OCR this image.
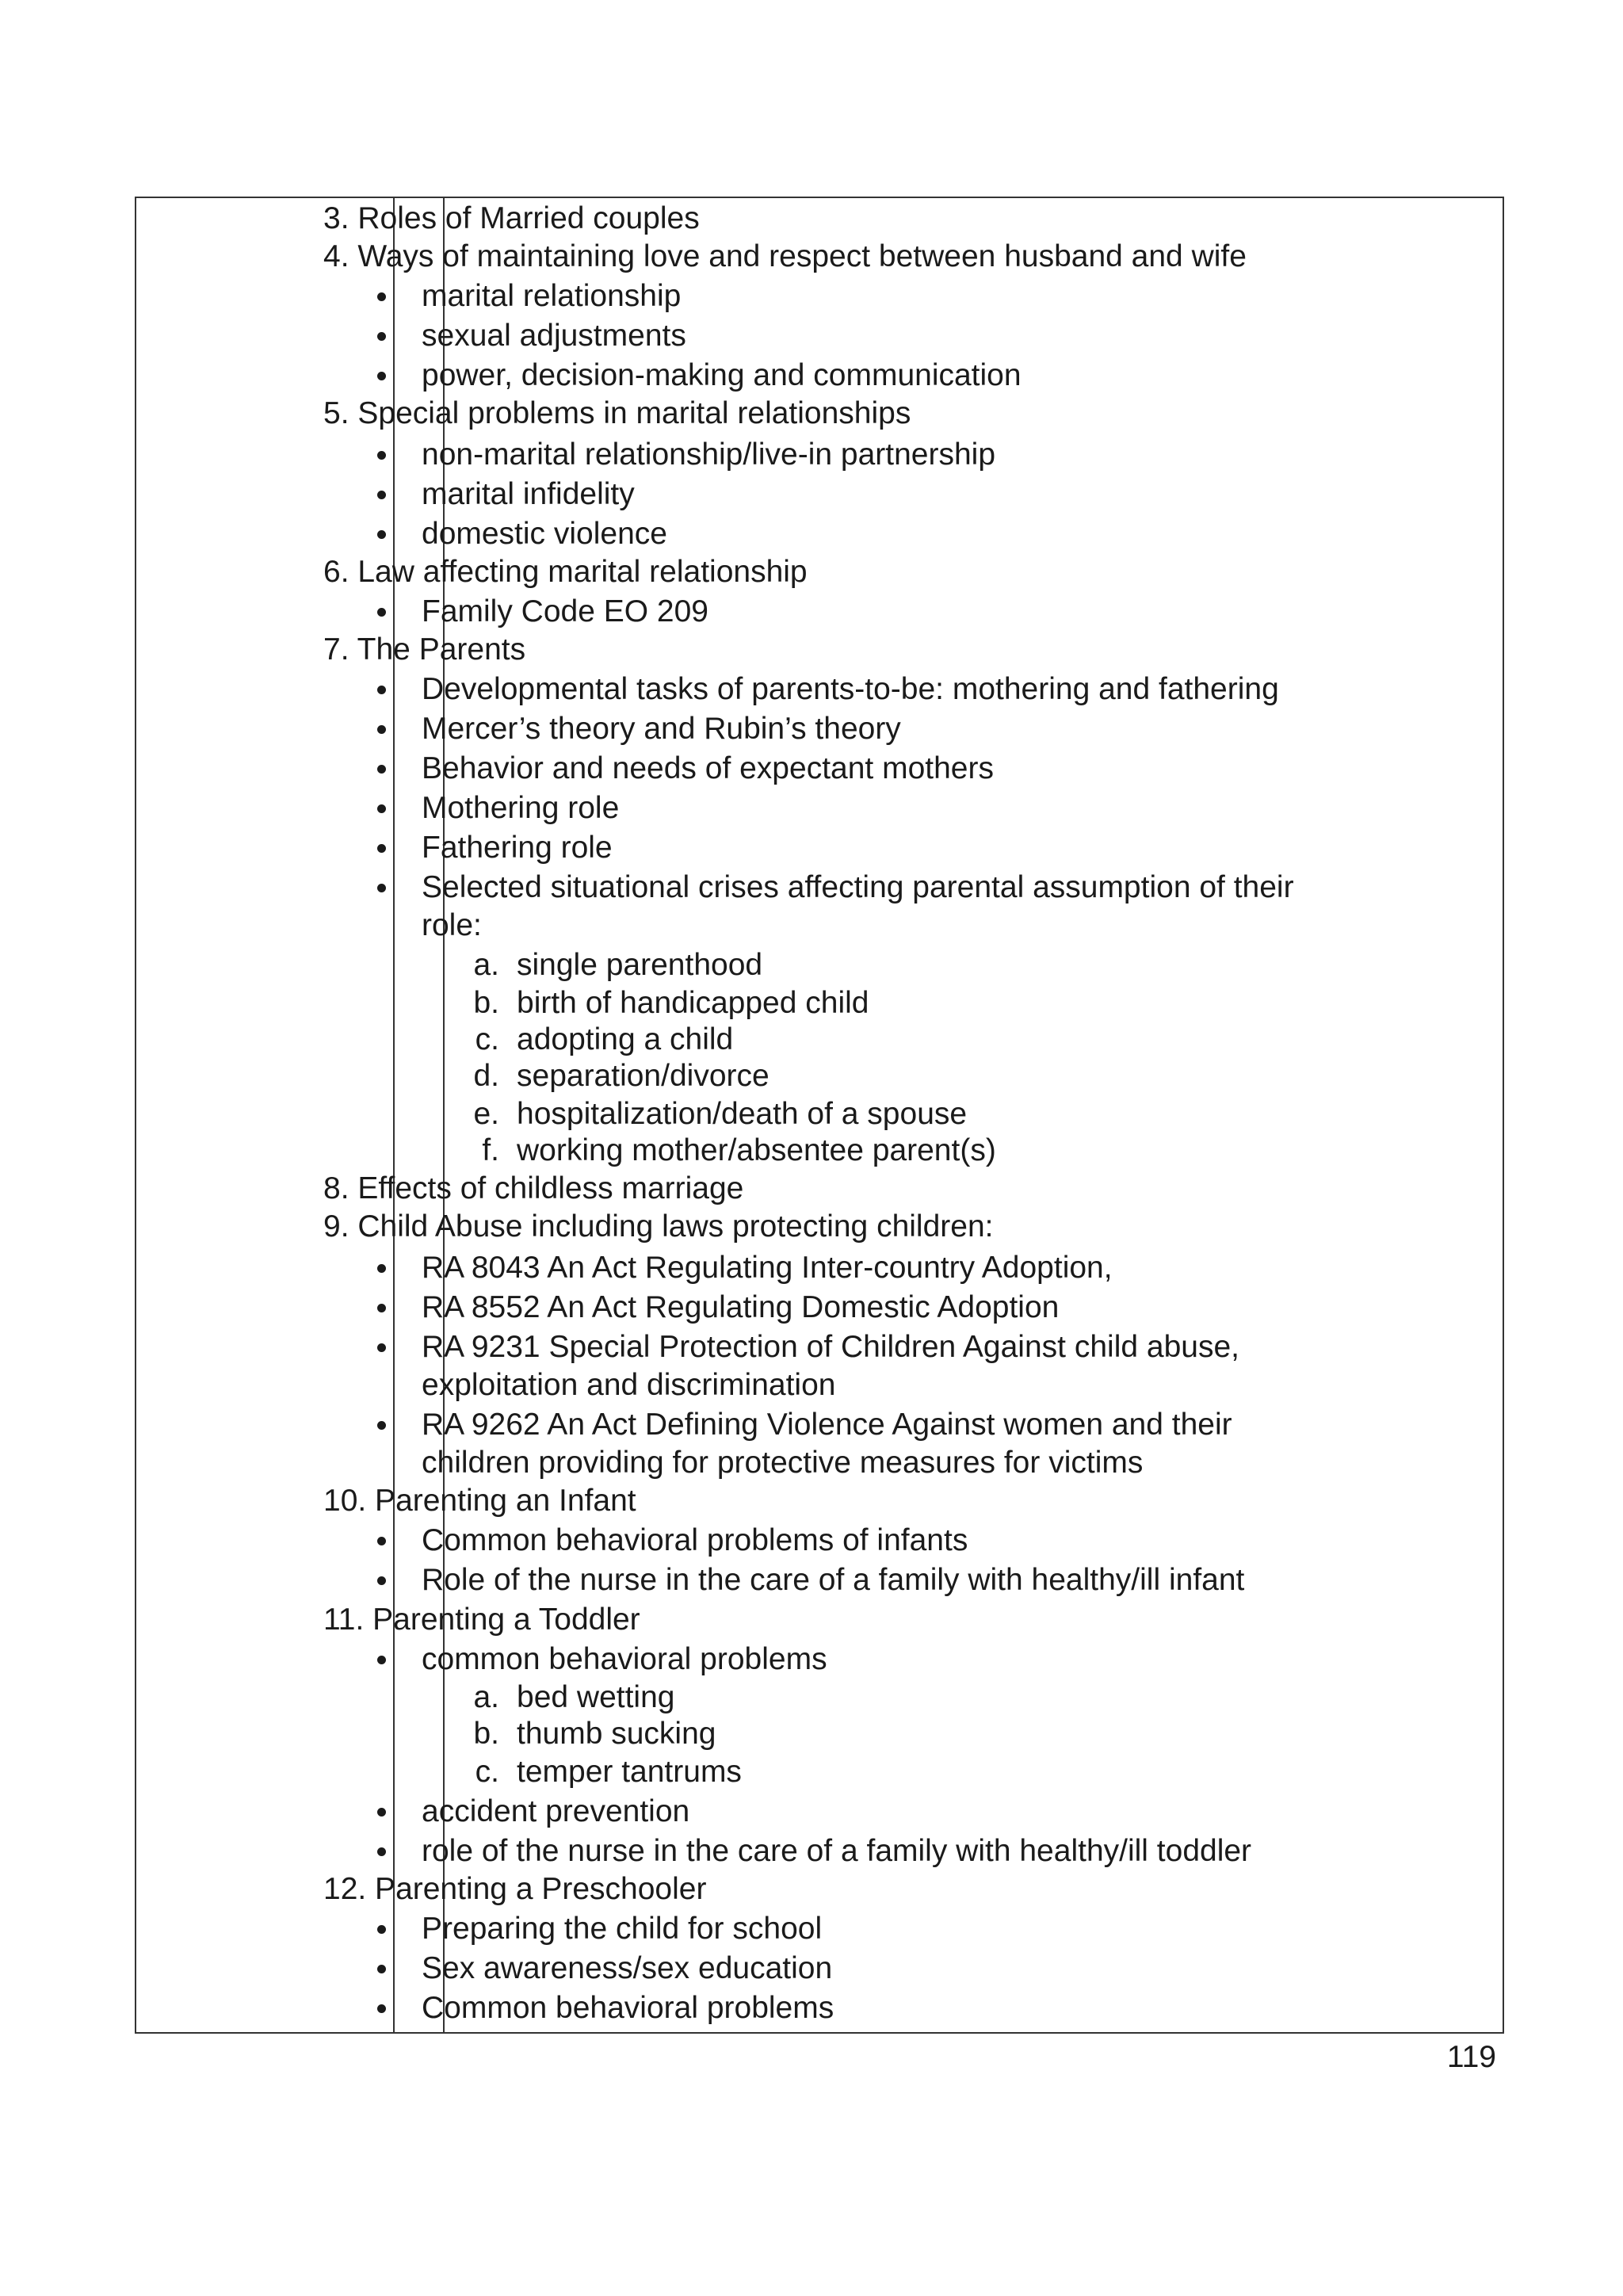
3. Roles of Married couples
4. Ways of maintaining love and respect between husband and wife
marital relationship
sexual adjustments
power, decision-making and communication
5. Special problems in marital relationships
non-marital relationship/live-in partnership
marital infidelity
domestic violence
6. Law affecting marital relationship
Family Code EO 209
7. The Parents
Developmental tasks of parents-to-be: mothering and fathering
Mercer’s theory and Rubin’s theory
Behavior and needs of expectant mothers
Mothering role
Fathering role
Selected situational crises affecting parental assumption of their
role:
a. single parenthood
b. birth of handicapped child
c. adopting a child
d. separation/divorce
e. hospitalization/death of a spouse
f. working mother/absentee parent(s)
8. Effects of childless marriage
9. Child Abuse including laws protecting children:
RA 8043 An Act Regulating Inter-country Adoption,
RA 8552 An Act Regulating Domestic Adoption
RA 9231 Special Protection of Children Against child abuse,
exploitation and discrimination
RA 9262 An Act Defining Violence Against women and their
children providing for protective measures for victims
10. Parenting an Infant
Common behavioral problems of infants
Role of the nurse in the care of a family with healthy/ill infant
11. Parenting a Toddler
common behavioral problems
a. bed wetting
b. thumb sucking
c. temper tantrums
accident prevention
role of the nurse in the care of a family with healthy/ill toddler
12. Parenting a Preschooler
Preparing the child for school
Sex awareness/sex education
Common behavioral problems
119
